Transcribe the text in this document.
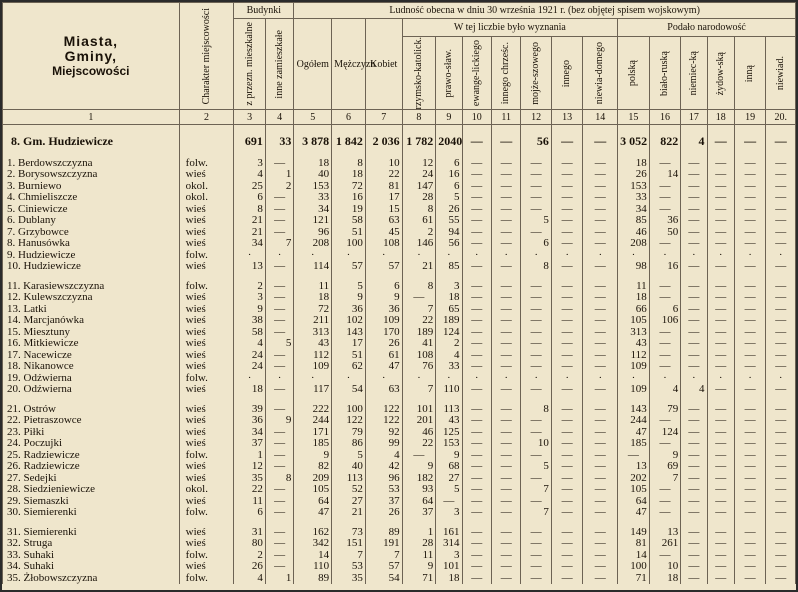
Miasta,
Gminy,
Miejscowości	Charakter miejscowości	Budynki		Ludność obecna w dniu 30 września 1921 r. (bez objętej spisem wojskowym)															

		z przezn. mieszkalne	inne zamieszkałe	Ogółem	Mężczyzn	Kobiet	W tej liczbie było wyznania							Podało narodowość					

							rzymsko-katolick.	prawo-sław.	ewange-lickiego	innego chrześc.	mojże-szowego	innego	niewia-domego	polską	biało-ruską	niemiec-ką	żydow-ską	inną	niewiad.

1	2	3	4	5	6	7	8	9	10	11	12	13	14	15	16	17	18	19	20.

8. Gm. Hudziewicze		691	33	3 878	1 842	2 036	1 782	2040	—	—	56	—	—	3 052	822	4	—	—	—

1. Berdowszczyzna	folw.	3	—	18	8	10	12	6	—	—	—	—	—	18	—	—	—	—	—
2. Borysowszczyzna	wieś	4	1	40	18	22	24	16	—	—	—	—	—	26	14	—	—	—	—
3. Burniewo	okol.	25	2	153	72	81	147	6	—	—	—	—	—	153	—	—	—	—	—
4. Chmieliszcze	okol.	6	—	33	16	17	28	5	—	—	—	—	—	33	—	—	—	—	—
5. Ciniewicze	wieś	8	—	34	19	15	8	26	—	—	—	—	—	34	—	—	—	—	—
6. Dublany	wieś	21	—	121	58	63	61	55	—	—	5	—	—	85	36	—	—	—	—
7. Grzybowce	wieś	21	—	96	51	45	2	94	—	—	—	—	—	46	50	—	—	—	—
8. Hanusówka	wieś	34	7	208	100	108	146	56	—	—	6	—	—	208	—	—	—	—	—
9. Hudziewicze	folw.	·	·	·	·	·	·	·	·	·	·	·	·	·	·	·	·	·	·
10. Hudziewicze	wieś	13	—	114	57	57	21	85	—	—	8	—	—	98	16	—	—	—	—

11. Karasiewszczyzna	folw.	2	—	11	5	6	8	3	—	—	—	—	—	11	—	—	—	—	—
12. Kulewszczyzna	wieś	3	—	18	9	9	—	18	—	—	—	—	—	18	—	—	—	—	—
13. Latki	wieś	9	—	72	36	36	7	65	—	—	—	—	—	66	6	—	—	—	—
14. Marcjanówka	wieś	38	—	211	102	109	22	189	—	—	—	—	—	105	106	—	—	—	—
15. Miesztuny	wieś	58	—	313	143	170	189	124	—	—	—	—	—	313	—	—	—	—	—
16. Mitkiewicze	wieś	4	5	43	17	26	41	2	—	—	—	—	—	43	—	—	—	—	—
17. Nacewicze	wieś	24	—	112	51	61	108	4	—	—	—	—	—	112	—	—	—	—	—
18. Nikanowce	wieś	24	—	109	62	47	76	33	—	—	—	—	—	109	—	—	—	—	—
19. Odźwierna	folw.	·	·	·	·	·	·	·	·	·	·	·	·	·	·	·	·	·	·
20. Odźwierna	wieś	18	—	117	54	63	7	110	—	—	—	—	—	109	4	4	—	—	—

21. Ostrów	wieś	39	—	222	100	122	101	113	—	—	8	—	—	143	79	—	—	—	—
22. Pietraszowce	wieś	36	9	244	122	122	201	43	—	—	—	—	—	244	—	—	—	—	—
23. Piłki	wieś	34	—	171	79	92	46	125	—	—	—	—	—	47	124	—	—	—	—
24. Poczujki	wieś	37	—	185	86	99	22	153	—	—	10	—	—	185	—	—	—	—	—
25. Radziewicze	folw.	1	—	9	5	4	—	9	—	—	—	—	—	—	9	—	—	—	—
26. Radziewicze	wieś	12	—	82	40	42	9	68	—	—	5	—	—	13	69	—	—	—	—
27. Sedejki	wieś	35	8	209	113	96	182	27	—	—	—	—	—	202	7	—	—	—	—
28. Siedzieniewicze	okol.	22	—	105	52	53	93	5	—	—	7	—	—	105	—	—	—	—	—
29. Siemaszki	wieś	11	—	64	27	37	64	—	—	—	—	—	—	64	—	—	—	—	—
30. Siemierenki	folw.	6	—	47	21	26	37	3	—	—	7	—	—	47	—	—	—	—	—

31. Siemierenki	wieś	31	—	162	73	89	1	161	—	—	—	—	—	149	13	—	—	—	—
32. Struga	wieś	80	—	342	151	191	28	314	—	—	—	—	—	81	261	—	—	—	—
33. Suhaki	folw.	2	—	14	7	7	11	3	—	—	—	—	—	14	—	—	—	—	—
34. Suhaki	wieś	26	—	110	53	57	9	101	—	—	—	—	—	100	10	—	—	—	—
35. Żłobowszczyzna	folw.	4	1	89	35	54	71	18	—	—	—	—	—	71	18	—	—	—	—
